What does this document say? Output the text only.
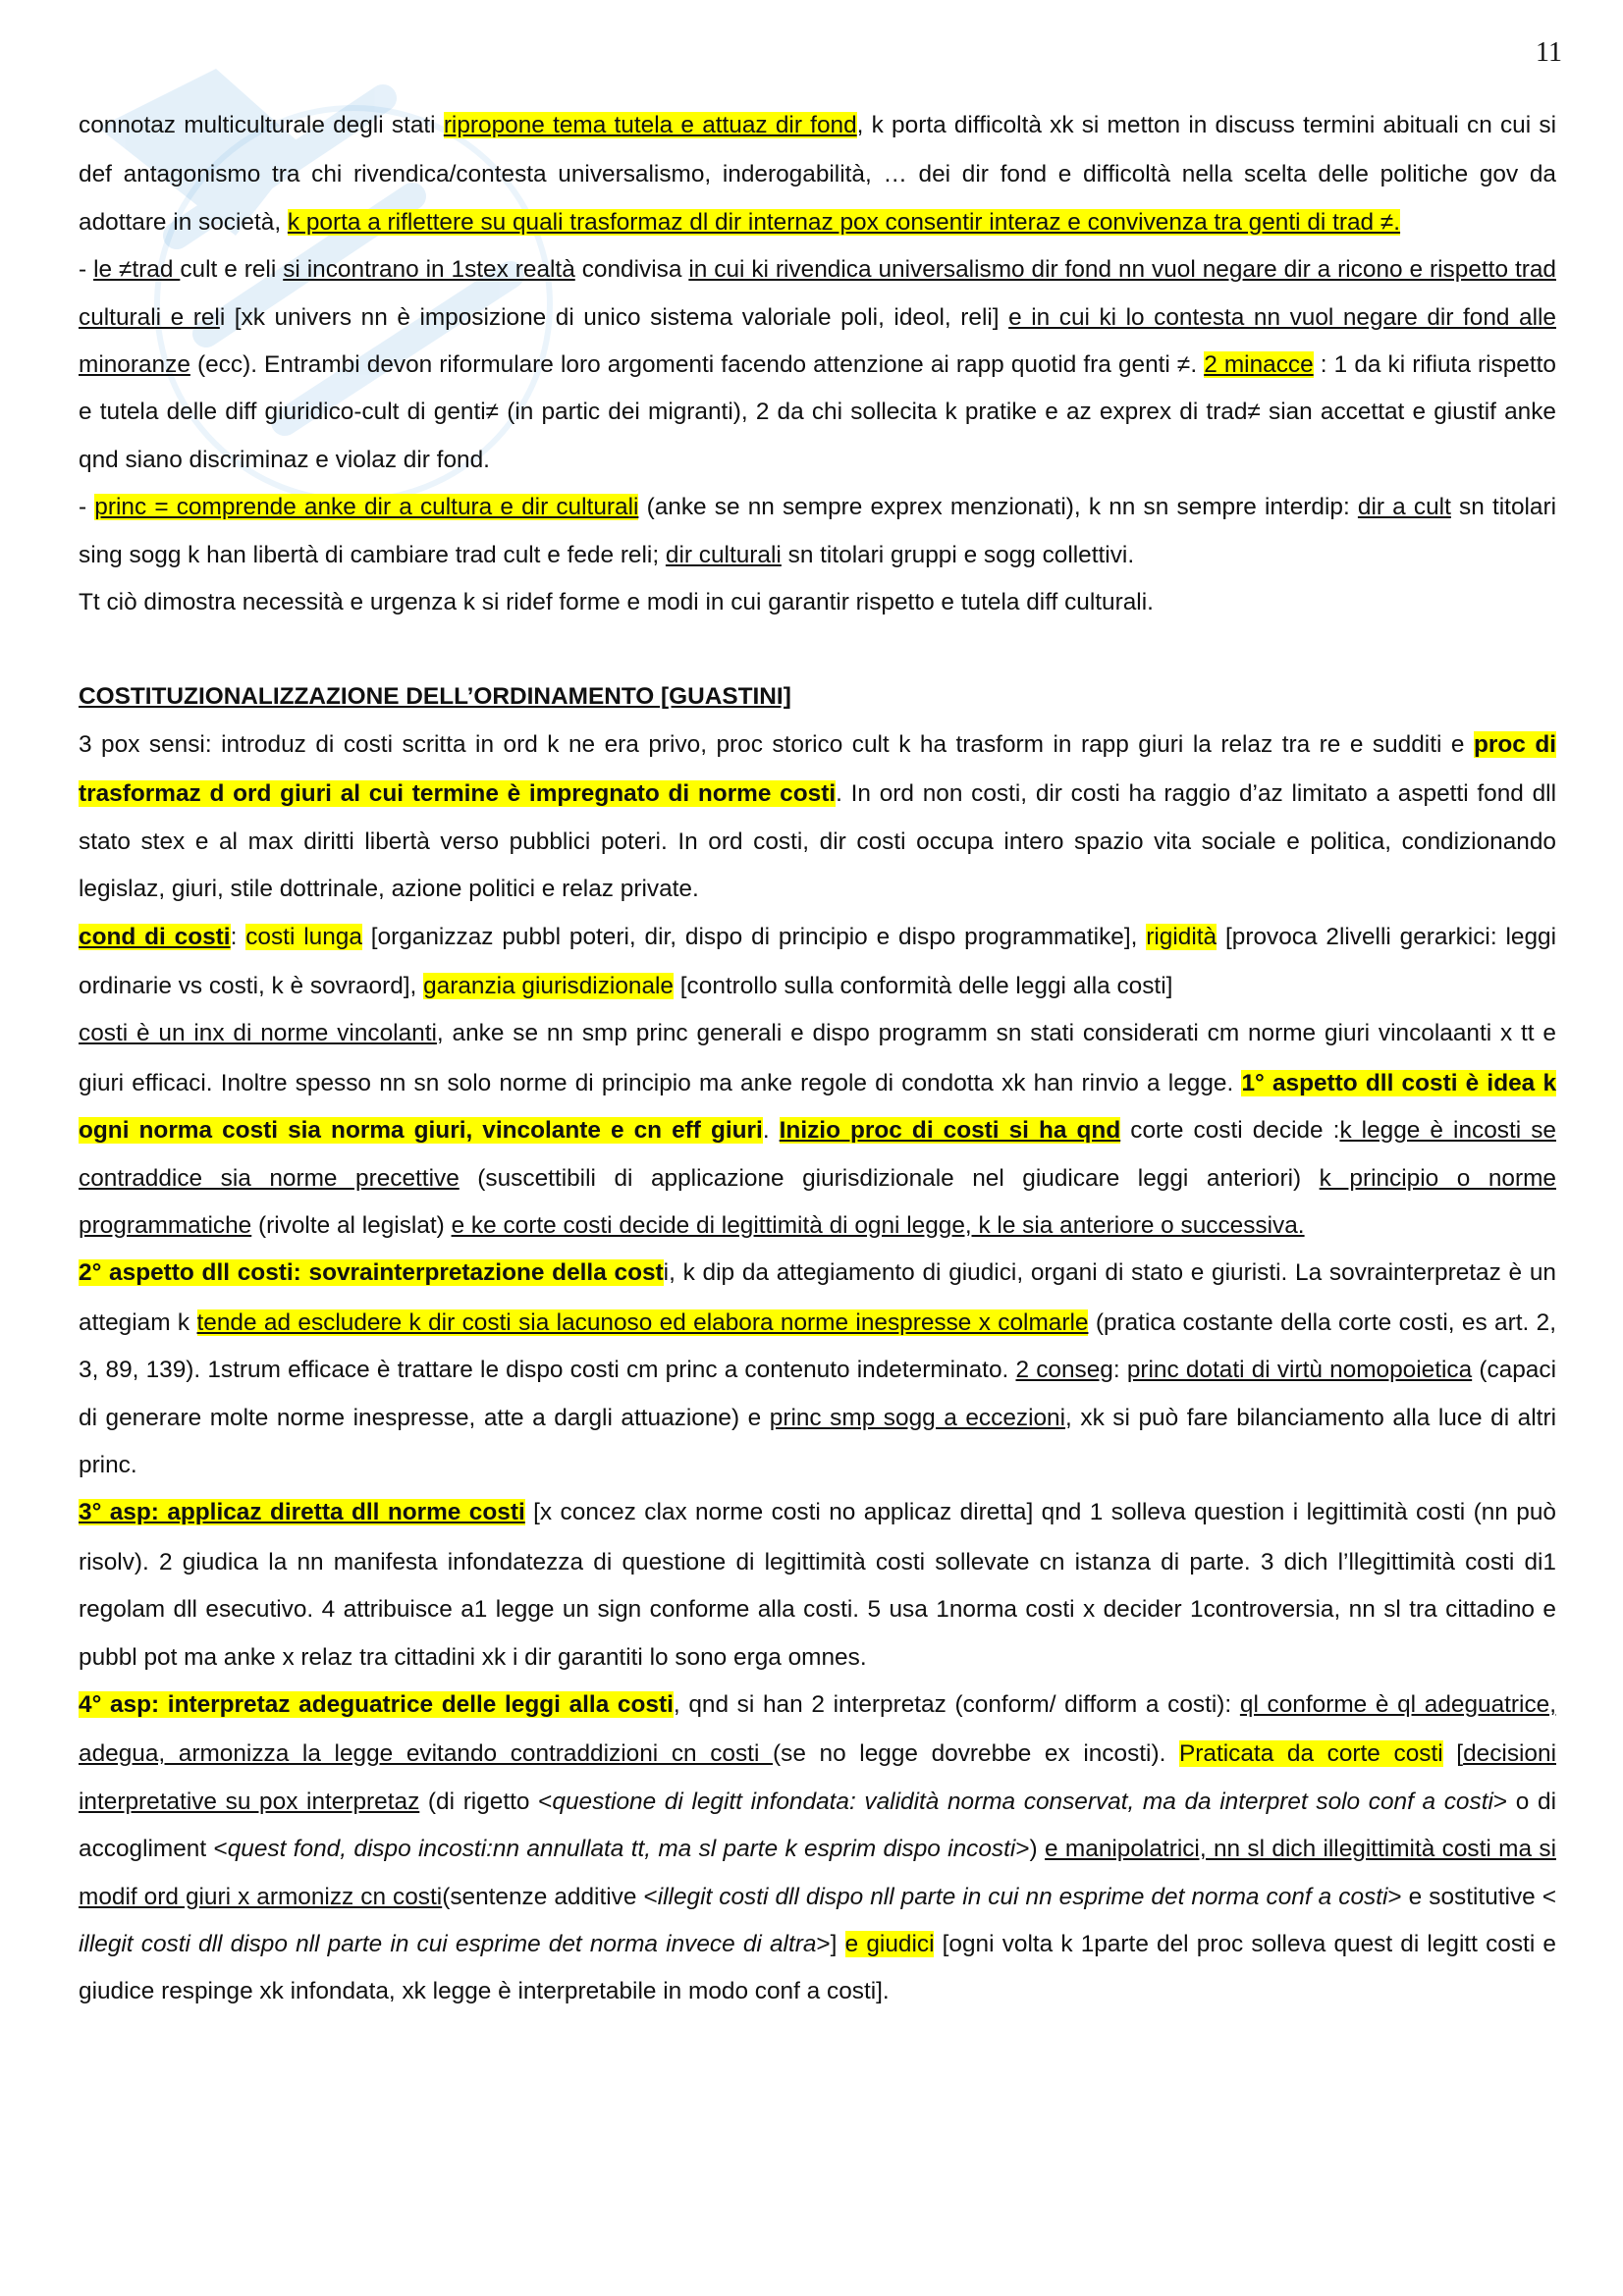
11

connotaz multiculturale degli stati ripropone tema tutela e attuaz dir fond, k porta difficoltà xk si metton in discuss termini abituali cn cui si def antagonismo tra chi rivendica/contesta universalismo, inderogabilità, … dei dir fond e difficoltà nella scelta delle politiche gov da adottare in società, k porta a riflettere su quali trasformaz dl dir internaz pox consentir interaz e convivenza tra genti di trad ≠.

- le ≠trad cult e reli si incontrano in 1stex realtà condivisa in cui ki rivendica universalismo dir fond nn vuol negare dir a ricono e rispetto trad culturali e reli [xk univers nn è imposizione di unico sistema valoriale poli, ideol, reli] e in cui ki lo contesta nn vuol negare dir fond alle minoranze (ecc). Entrambi devon riformulare loro argomenti facendo attenzione ai rapp quotid fra genti ≠. 2 minacce : 1 da ki rifiuta rispetto e tutela delle diff giuridico-cult di genti≠ (in partic dei migranti), 2 da chi sollecita k pratike e az exprex di trad≠ sian accettat e giustif anke qnd siano discriminaz e violaz dir fond.

- princ = comprende anke dir a cultura e dir culturali (anke se nn sempre exprex menzionati), k nn sn sempre interdip: dir a cult sn titolari sing sogg k han libertà di cambiare trad cult e fede reli; dir culturali sn titolari gruppi e sogg collettivi.

Tt ciò dimostra necessità e urgenza k si ridef forme e modi in cui garantir rispetto e tutela diff culturali.

COSTITUZIONALIZZAZIONE DELL’ORDINAMENTO [GUASTINI]

3 pox sensi: introduz di costi scritta in ord k ne era privo, proc storico cult k ha trasform in rapp giuri la relaz tra re e sudditi e proc di trasformaz d ord giuri al cui termine è impregnato di norme costi. In ord non costi, dir costi ha raggio d’az limitato a aspetti fond dll stato stex e al max diritti libertà verso pubblici poteri. In ord costi, dir costi occupa intero spazio vita sociale e politica, condizionando legislaz, giuri, stile dottrinale, azione politici e relaz private.

cond di costi: costi lunga [organizzaz pubbl poteri, dir, dispo di principio e dispo programmatike], rigidità [provoca 2livelli gerarkici: leggi ordinarie vs costi, k è sovraord], garanzia giurisdizionale [controllo sulla conformità delle leggi alla costi]

costi è un inx di norme vincolanti, anke se nn smp princ generali e dispo programm sn stati considerati cm norme giuri vincolaanti x tt e giuri efficaci. Inoltre spesso nn sn solo norme di principio ma anke regole di condotta xk han rinvio a legge. 1° aspetto dll costi è idea k ogni norma costi sia norma giuri, vincolante e cn eff giuri. Inizio proc di costi si ha qnd corte costi decide :k legge è incosti se contraddice sia norme precettive (suscettibili di applicazione giurisdizionale nel giudicare leggi anteriori) k principio o norme programmatiche (rivolte al legislat) e ke corte costi decide di legittimità di ogni legge, k le sia anteriore o successiva.

2° aspetto dll costi: sovrainterpretazione della costi, k dip da attegiamento di giudici, organi di stato e giuristi. La sovrainterpretaz è un attegiam k tende ad escludere k dir costi sia lacunoso ed elabora norme inespresse x colmarle (pratica costante della corte costi, es art. 2, 3, 89, 139). 1strum efficace è trattare le dispo costi cm princ a contenuto indeterminato. 2 conseg: princ dotati di virtù nomopoietica (capaci di generare molte norme inespresse, atte a dargli attuazione) e princ smp sogg a eccezioni, xk si può fare bilanciamento alla luce di altri princ.

3° asp: applicaz diretta dll norme costi [x concez clax norme costi no applicaz diretta] qnd 1 solleva question i legittimità costi (nn può risolv). 2 giudica la nn manifesta infondatezza di questione di legittimità costi sollevate cn istanza di parte. 3 dich l’llegittimità costi di1 regolam dll esecutivo. 4 attribuisce a1 legge un sign conforme alla costi. 5 usa 1norma costi x decider 1controversia, nn sl tra cittadino e pubbl pot ma anke x relaz tra cittadini xk i dir garantiti lo sono erga omnes.

4° asp: interpretaz adeguatrice delle leggi alla costi, qnd si han 2 interpretaz (conform/ difform a costi): ql conforme è ql adeguatrice, adegua, armonizza la legge evitando contraddizioni cn costi (se no legge dovrebbe ex incosti). Praticata da corte costi [decisioni interpretative su pox interpretaz (di rigetto <questione di legitt infondata: validità norma conservat, ma da interpret solo conf a costi> o di accogliment <quest fond, dispo incosti:nn annullata tt, ma sl parte k esprim dispo incosti>) e manipolatrici, nn sl dich illegittimità costi ma si modif ord giuri x armonizz cn costi(sentenze additive <illegit costi dll dispo nll parte in cui nn esprime det norma conf a costi> e sostitutive < illegit costi dll dispo nll parte in cui esprime det norma invece di altra>] e giudici [ogni volta k 1parte del proc solleva quest di legitt costi e giudice respinge xk infondata, xk legge è interpretabile in modo conf a costi].
